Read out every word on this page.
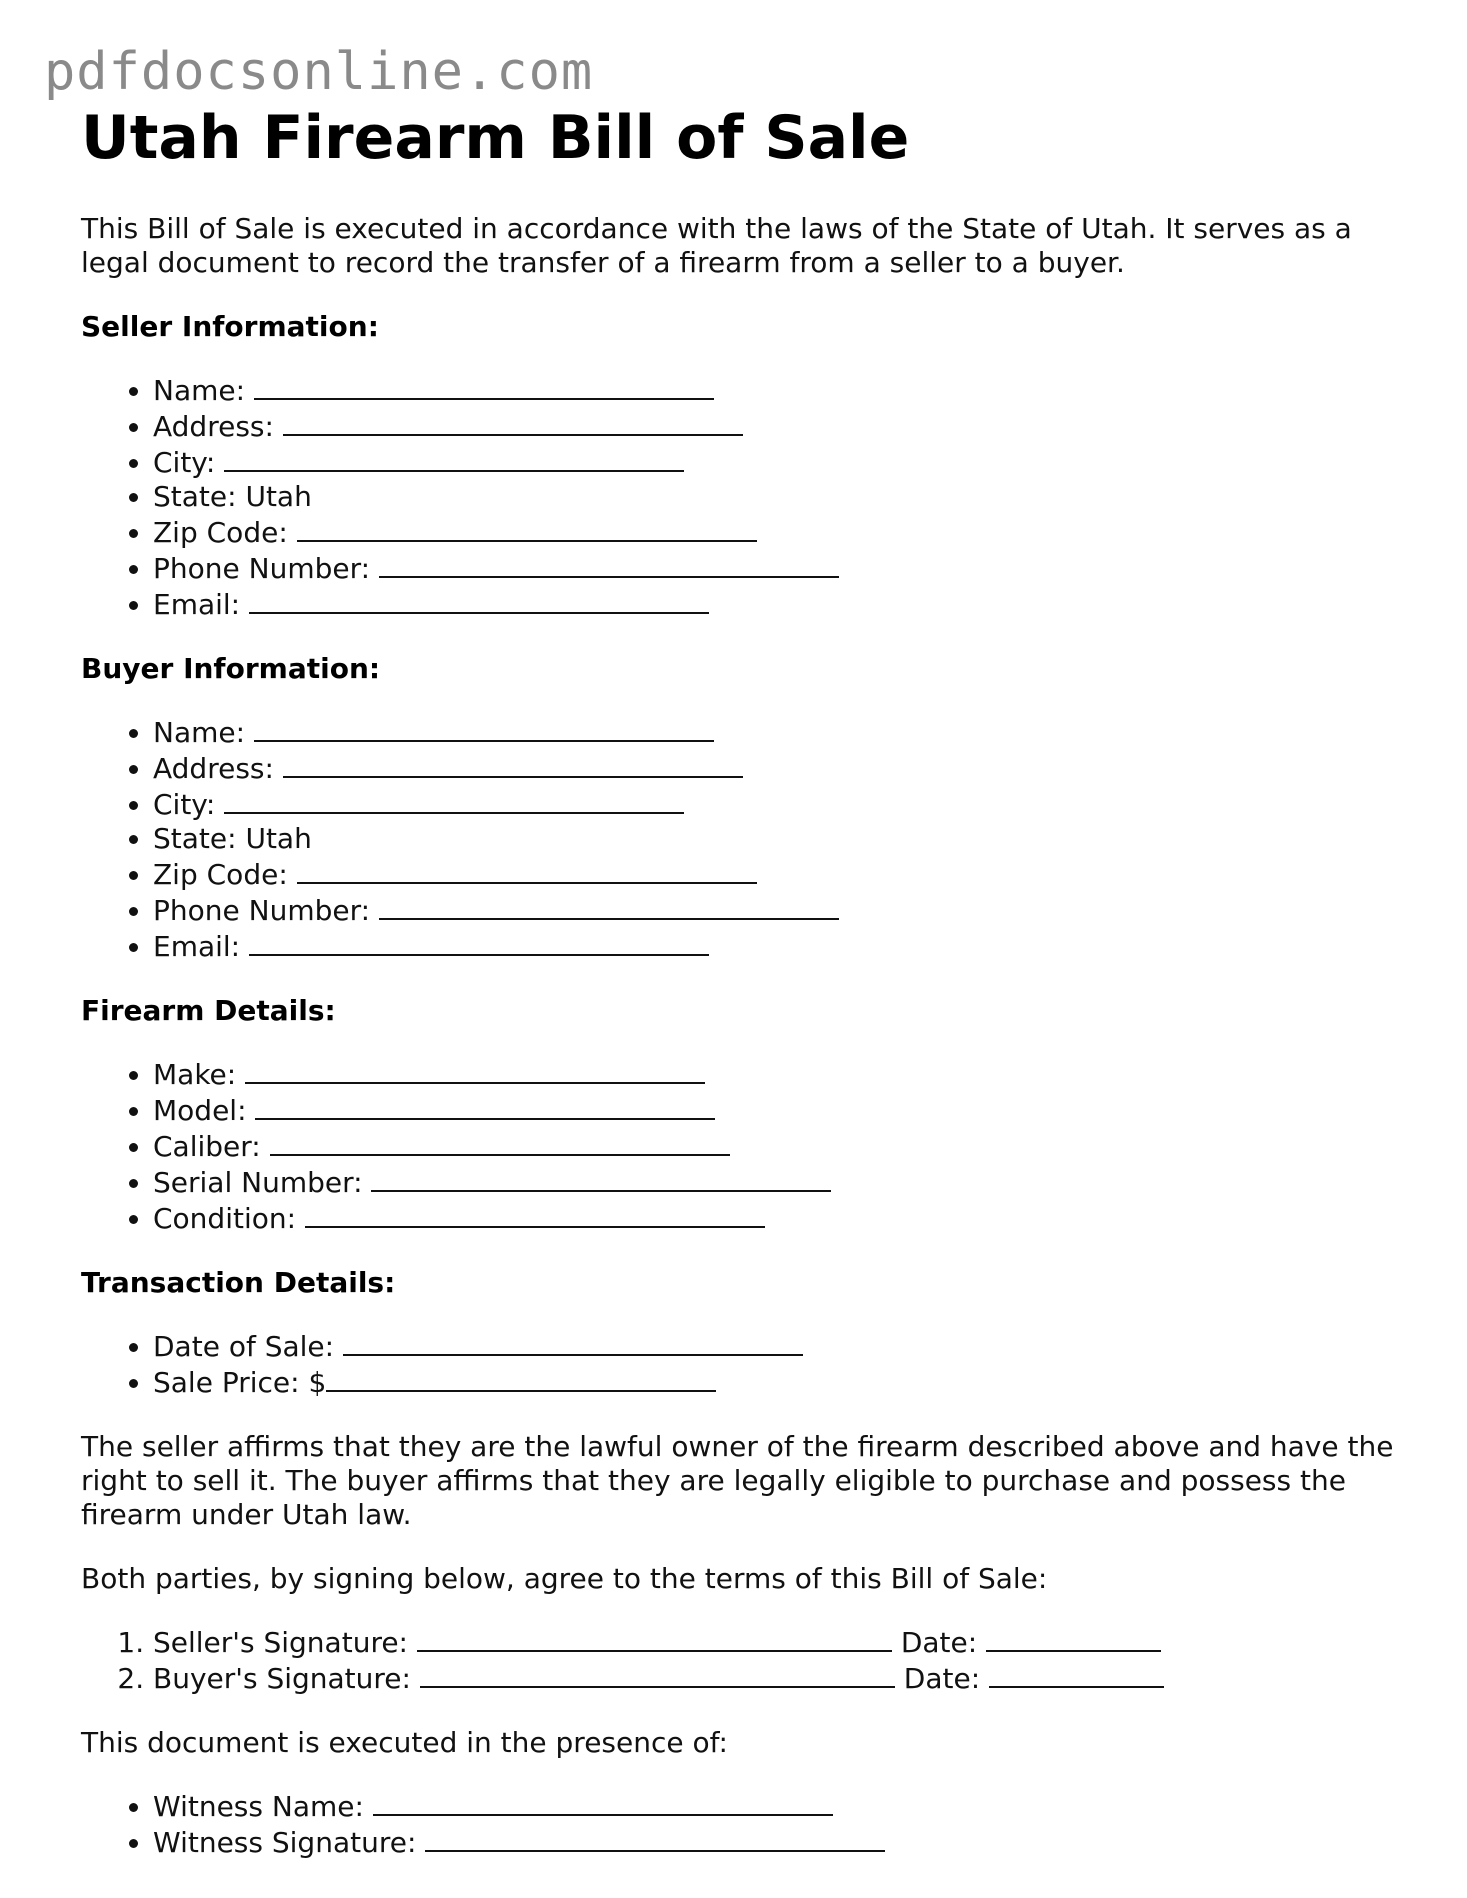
pdfdocsonline.com
Utah Firearm Bill of Sale

This Bill of Sale is executed in accordance with the laws of the State of Utah. It serves as a legal document to record the transfer of a firearm from a seller to a buyer.

Seller Information:
• Name:
• Address:
• City:
• State: Utah
• Zip Code:
• Phone Number:
• Email:
Buyer Information:
• Name:
• Address:
• City:
• State: Utah
• Zip Code:
• Phone Number:
• Email:
Firearm Details:
• Make:
• Model:
• Caliber:
• Serial Number:
• Condition:
Transaction Details:
• Date of Sale:
• Sale Price: $

The seller affirms that they are the lawful owner of the firearm described above and have the right to sell it. The buyer affirms that they are legally eligible to purchase and possess the firearm under Utah law.

Both parties, by signing below, agree to the terms of this Bill of Sale:

1. Seller's Signature:	Date:
2. Buyer's Signature:	Date:

This document is executed in the presence of:

• Witness Name:
• Witness Signature:
